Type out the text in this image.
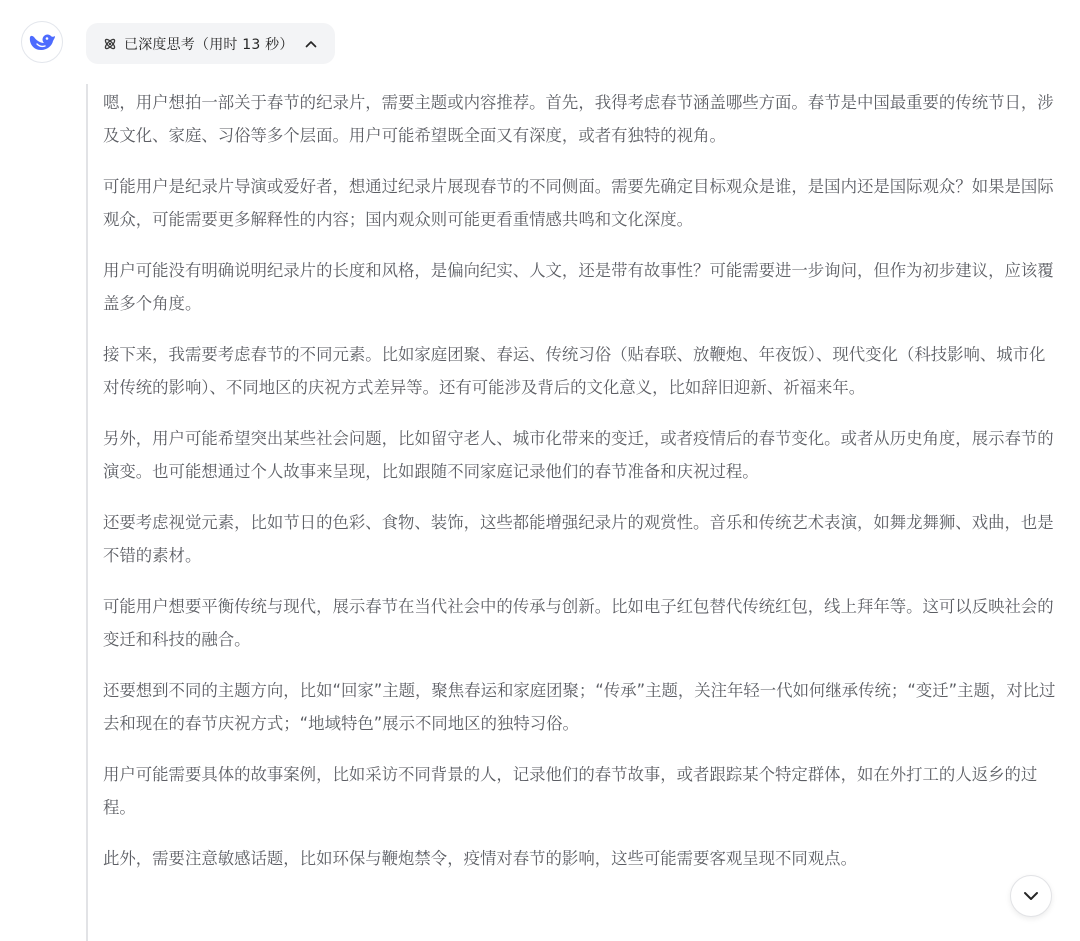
已深度思考（用时 13 秒）

嗯，用户想拍一部关于春节的纪录片，需要主题或内容推荐。首先，我得考虑春节涵盖哪些方面。春节是中国最重要的传统节日，涉及文化、家庭、习俗等多个层面。用户可能希望既全面又有深度，或者有独特的视角。

可能用户是纪录片导演或爱好者，想通过纪录片展现春节的不同侧面。需要先确定目标观众是谁，是国内还是国际观众？如果是国际观众，可能需要更多解释性的内容；国内观众则可能更看重情感共鸣和文化深度。

用户可能没有明确说明纪录片的长度和风格，是偏向纪实、人文，还是带有故事性？可能需要进一步询问，但作为初步建议，应该覆盖多个角度。

接下来，我需要考虑春节的不同元素。比如家庭团聚、春运、传统习俗（贴春联、放鞭炮、年夜饭）、现代变化（科技影响、城市化对传统的影响）、不同地区的庆祝方式差异等。还有可能涉及背后的文化意义，比如辞旧迎新、祈福来年。

另外，用户可能希望突出某些社会问题，比如留守老人、城市化带来的变迁，或者疫情后的春节变化。或者从历史角度，展示春节的演变。也可能想通过个人故事来呈现，比如跟随不同家庭记录他们的春节准备和庆祝过程。

还要考虑视觉元素，比如节日的色彩、食物、装饰，这些都能增强纪录片的观赏性。音乐和传统艺术表演，如舞龙舞狮、戏曲，也是不错的素材。

可能用户想要平衡传统与现代，展示春节在当代社会中的传承与创新。比如电子红包替代传统红包，线上拜年等。这可以反映社会的变迁和科技的融合。

还要想到不同的主题方向，比如“回家”主题，聚焦春运和家庭团聚；“传承”主题，关注年轻一代如何继承传统；“变迁”主题，对比过去和现在的春节庆祝方式；“地域特色”展示不同地区的独特习俗。

用户可能需要具体的故事案例，比如采访不同背景的人，记录他们的春节故事，或者跟踪某个特定群体，如在外打工的人返乡的过程。

此外，需要注意敏感话题，比如环保与鞭炮禁令，疫情对春节的影响，这些可能需要客观呈现不同观点。
